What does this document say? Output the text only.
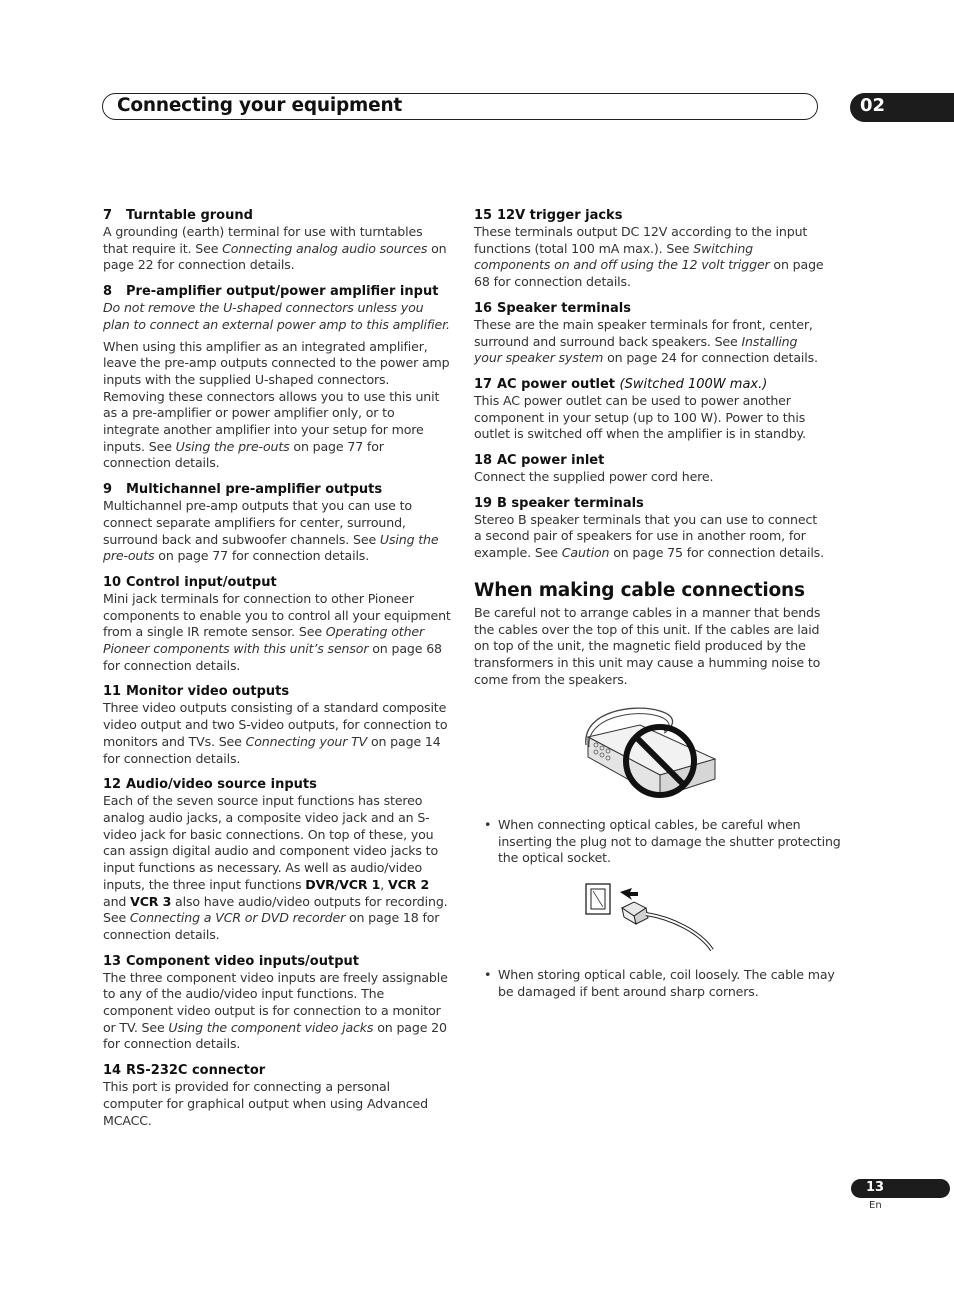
Connecting your equipment	02
7 Turntable ground

A grounding (earth) terminal for use with turntables that require it. See Connecting analog audio sources on page 22 for connection details.

8 Pre-amplifier output/power amplifier input

Do not remove the U-shaped connectors unless you plan to connect an external power amp to this amplifier.

When using this amplifier as an integrated amplifier, leave the pre-amp outputs connected to the power amp inputs with the supplied U-shaped connectors. Removing these connectors allows you to use this unit as a pre-amplifier or power amplifier only, or to integrate another amplifier into your setup for more inputs. See Using the pre-outs on page 77 for connection details.

9 Multichannel pre-amplifier outputs

Multichannel pre-amp outputs that you can use to connect separate amplifiers for center, surround, surround back and subwoofer channels. See Using the pre-outs on page 77 for connection details.

10 Control input/output

Mini jack terminals for connection to other Pioneer components to enable you to control all your equipment from a single IR remote sensor. See Operating other Pioneer components with this unit’s sensor on page 68 for connection details.

11 Monitor video outputs

Three video outputs consisting of a standard composite video output and two S-video outputs, for connection to monitors and TVs. See Connecting your TV on page 14 for connection details.

12 Audio/video source inputs

Each of the seven source input functions has stereo analog audio jacks, a composite video jack and an S-video jack for basic connections. On top of these, you can assign digital audio and component video jacks to input functions as necessary. As well as audio/video inputs, the three input functions DVR/VCR 1, VCR 2 and VCR 3 also have audio/video outputs for recording. See Connecting a VCR or DVD recorder on page 18 for connection details.

13 Component video inputs/output

The three component video inputs are freely assignable to any of the audio/video input functions. The component video output is for connection to a monitor or TV. See Using the component video jacks on page 20 for connection details.

14 RS-232C connector

This port is provided for connecting a personal computer for graphical output when using Advanced MCACC.

15 12V trigger jacks

These terminals output DC 12V according to the input functions (total 100 mA max.). See Switching components on and off using the 12 volt trigger on page 68 for connection details.

16 Speaker terminals

These are the main speaker terminals for front, center, surround and surround back speakers. See Installing your speaker system on page 24 for connection details.

17 AC power outlet (Switched 100W max.)

This AC power outlet can be used to power another component in your setup (up to 100 W). Power to this outlet is switched off when the amplifier is in standby.

18 AC power inlet

Connect the supplied power cord here.

19 B speaker terminals

Stereo B speaker terminals that you can use to connect a second pair of speakers for use in another room, for example. See Caution on page 75 for connection details.

When making cable connections

Be careful not to arrange cables in a manner that bends the cables over the top of this unit. If the cables are laid on top of the unit, the magnetic field produced by the transformers in this unit may cause a humming noise to come from the speakers.

• When connecting optical cables, be careful when inserting the plug not to damage the shutter protecting the optical socket.

• When storing optical cable, coil loosely. The cable may be damaged if bent around sharp corners.

13
En
